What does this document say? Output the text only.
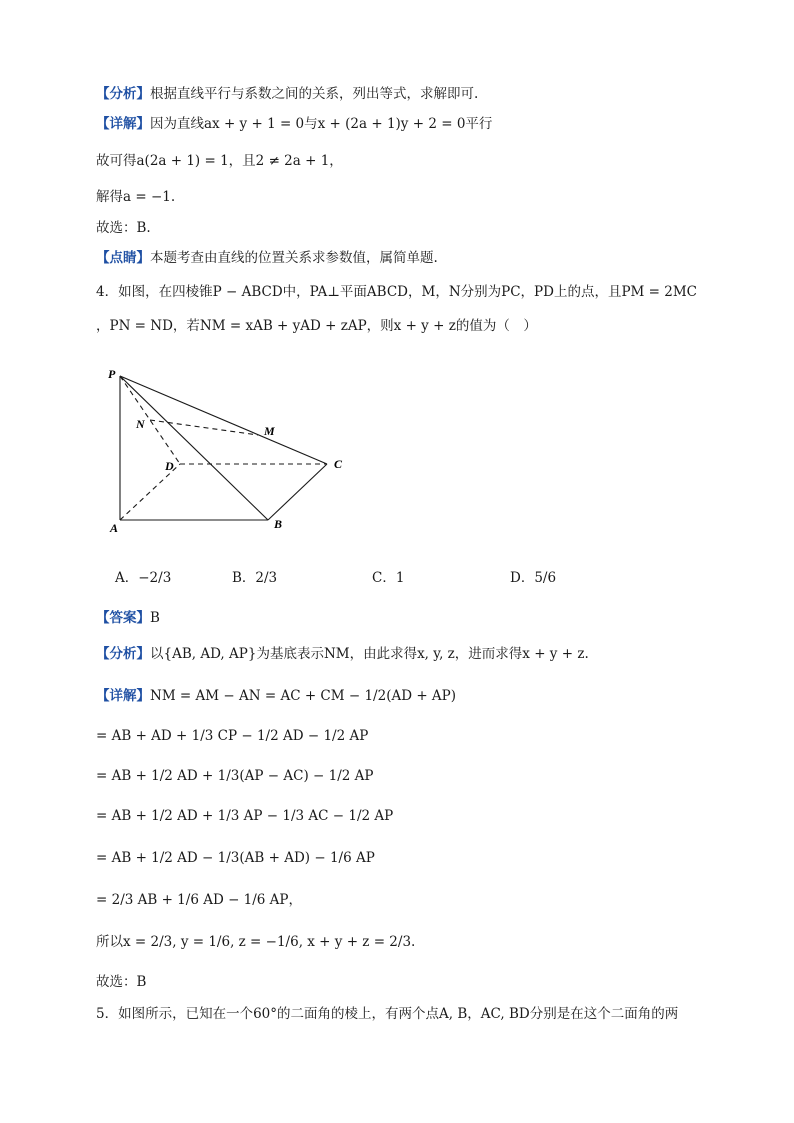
【分析】根据直线平行与系数之间的关系，列出等式，求解即可.
【详解】因为直线ax + y + 1 = 0与x + (2a + 1)y + 2 = 0平行
故可得a(2a + 1) = 1，且2 ≠ 2a + 1，
解得a = −1.
故选：B.
【点睛】本题考查由直线的位置关系求参数值，属简单题.
4．如图，在四棱锥P − ABCD中，PA⊥平面ABCD，M，N分别为PC，PD上的点，且PM = 2MC
，PN = ND，若NM = xAB + yAD + zAP，则x + y + z的值为（　）
P
N	M
D	C
A	B
A．−2/3	B．2/3	C．1	D．5/6
【答案】B
【分析】以{AB, AD, AP}为基底表示NM，由此求得x, y, z，进而求得x + y + z.
【详解】NM = AM − AN = AC + CM − 1/2(AD + AP)
= AB + AD + 1/3 CP − 1/2 AD − 1/2 AP
= AB + 1/2 AD + 1/3(AP − AC) − 1/2 AP
= AB + 1/2 AD + 1/3 AP − 1/3 AC − 1/2 AP
= AB + 1/2 AD − 1/3(AB + AD) − 1/6 AP
= 2/3 AB + 1/6 AD − 1/6 AP，
所以x = 2/3, y = 1/6, z = −1/6, x + y + z = 2/3.
故选：B
5．如图所示，已知在一个60°的二面角的棱上，有两个点A, B，AC, BD分别是在这个二面角的两
